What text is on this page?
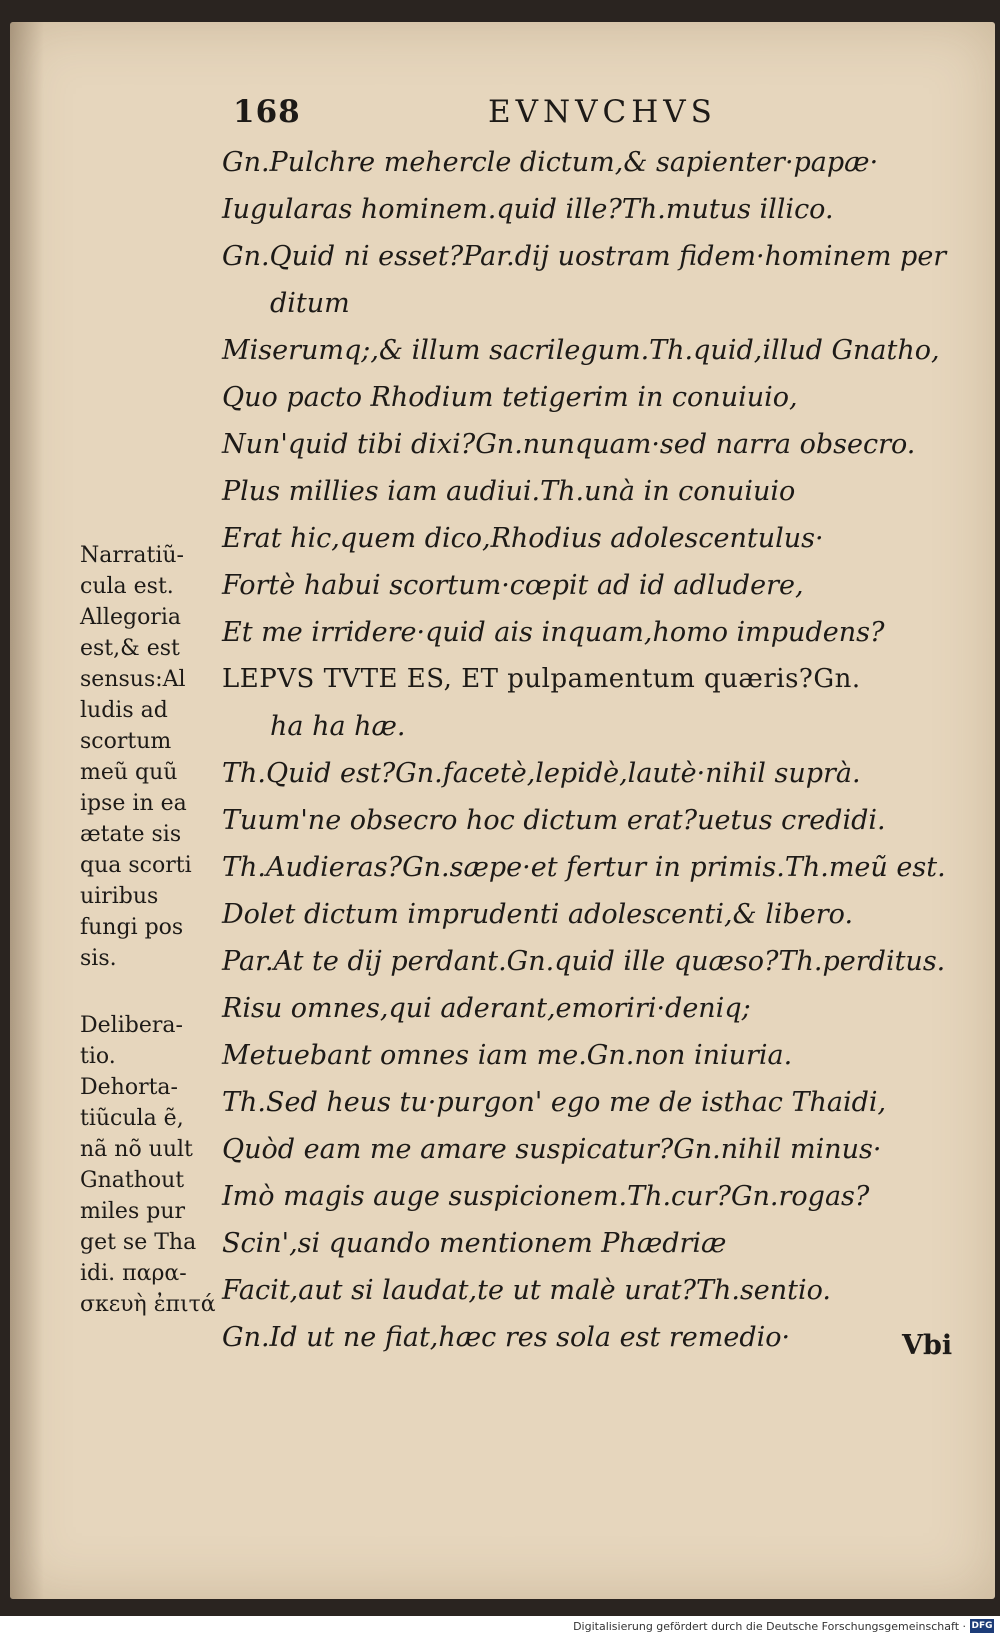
168	EVNVCHVS
Gn.Pulchre mehercle dictum,& sapienter·papæ·
Iugularas hominem.quid ille?Th.mutus illico.
Gn.Quid ni esset?Par.dij uostram fidem·hominem per
ditum
Miserumq;,& illum sacrilegum.Th.quid,illud Gnatho,
Quo pacto Rhodium tetigerim in conuiuio,
Nun'quid tibi dixi?Gn.nunquam·sed narra obsecro.
Plus millies iam audiui.Th.unà in conuiuio
Erat hic,quem dico,Rhodius adolescentulus·
Fortè habui scortum·cœpit ad id adludere,
Et me irridere·quid ais inquam,homo impudens?
LEPVS TVTE ES, ET pulpamentum quæris?Gn.
ha ha hæ.
Th.Quid est?Gn.facetè,lepidè,lautè·nihil suprà.
Tuum'ne obsecro hoc dictum erat?uetus credidi.
Th.Audieras?Gn.sæpe·et fertur in primis.Th.meũ est.
Dolet dictum imprudenti adolescenti,& libero.
Par.At te dij perdant.Gn.quid ille quæso?Th.perditus.
Risu omnes,qui aderant,emoriri·deniq;
Metuebant omnes iam me.Gn.non iniuria.
Th.Sed heus tu·purgon' ego me de isthac Thaidi,
Quòd eam me amare suspicatur?Gn.nihil minus·
Imò magis auge suspicionem.Th.cur?Gn.rogas?
Scin',si quando mentionem Phædriæ
Facit,aut si laudat,te ut malè urat?Th.sentio.
Gn.Id ut ne fiat,hæc res sola est remedio·
Narratiũ-
cula est.
Allegoria
est,& est
sensus:Al
ludis ad
scortum
meũ quũ
ipse in ea
ætate sis
qua scorti
uiribus
fungi pos
sis.
Delibera-
tio.
Dehorta-
tiũcula ẽ,
nã nõ uult
Gnathout
miles pur
get se Tha
idi. παρα-
σκευὴ ἐπιτά
Vbi
Digitalisierung gefördert durch die Deutsche Forschungsgemeinschaft · DFG
